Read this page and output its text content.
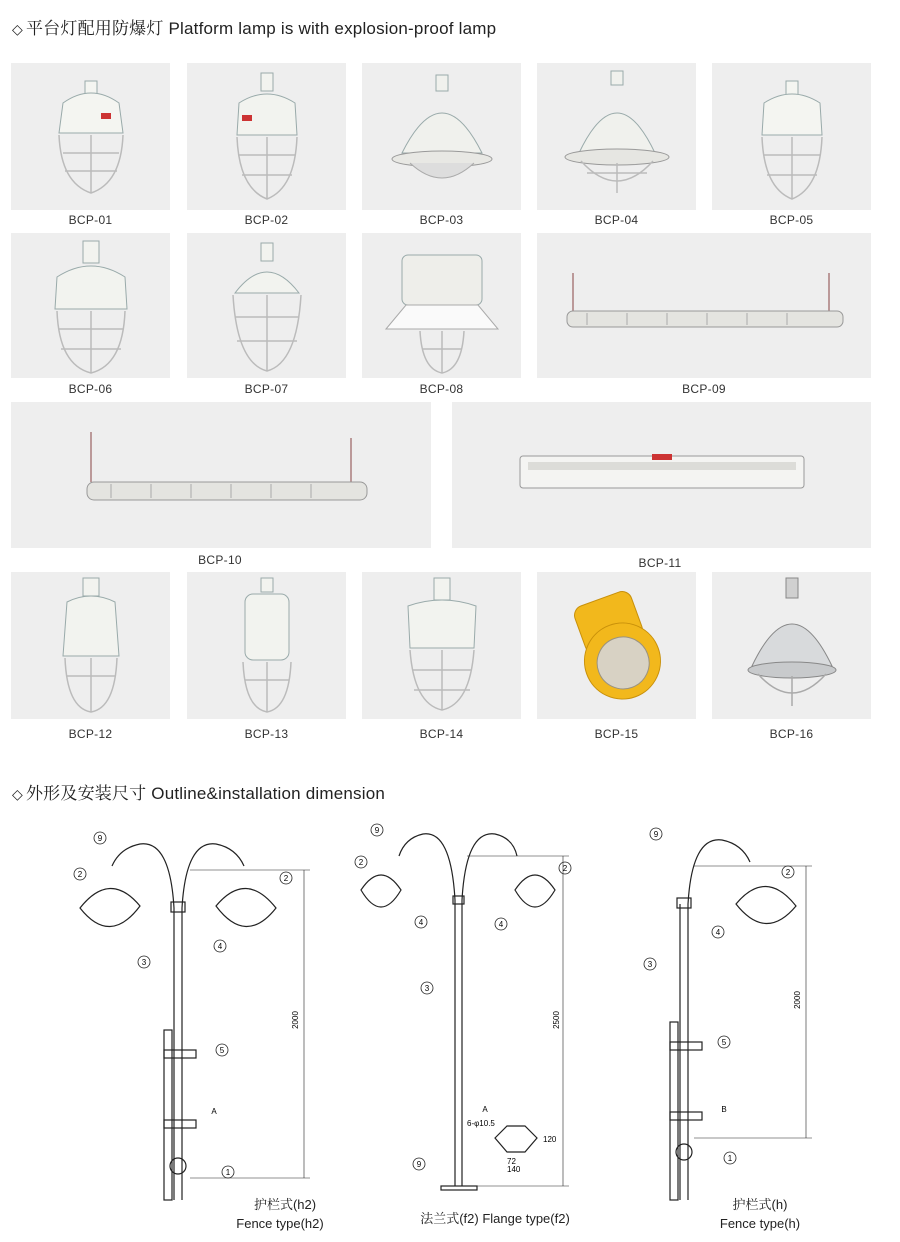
◇ 平台灯配用防爆灯 Platform lamp is with explosion-proof lamp
BCP-01	BCP-02	BCP-03	BCP-04	BCP-05
BCP-06	BCP-07	BCP-08	BCP-09
BCP-10	BCP-11
BCP-12	BCP-13	BCP-14	BCP-15	BCP-16
◇ 外形及安装尺寸 Outline&installation dimension
9
2	2
3
4
5
1
2000
A
护栏式(h2)
Fence type(h2)
9
2
2
4	4
3
9
2500
A
6-φ10.5
120
72
140
法兰式(f2) Flange type(f2)
9
2
4
3
5
1
2000
B
护栏式(h)
Fence type(h)
